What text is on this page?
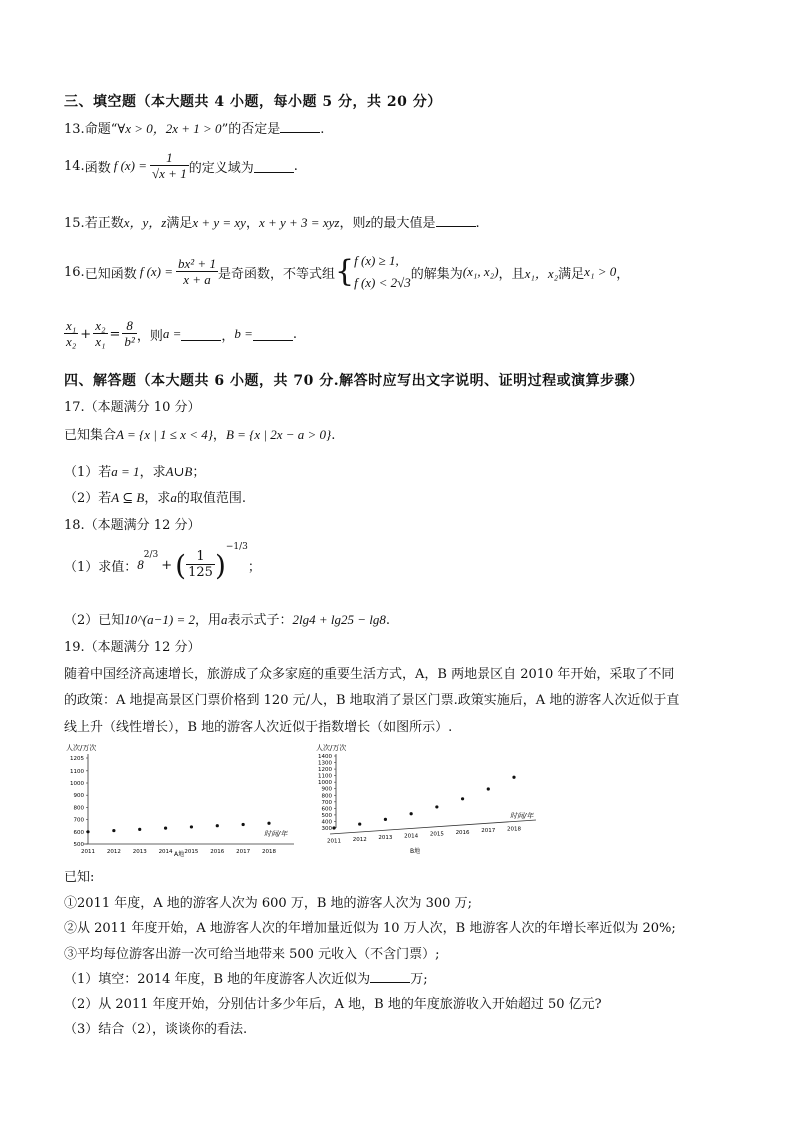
三、填空题（本大题共 4 小题，每小题 5 分，共 20 分）
13.命题“∀x > 0，2x + 1 > 0”的否定是	.
14. 函数 f $(x) = \frac{1}{√x + 1}$ 的定义域为	.
15.若正数x，y，z满足x + y = xy，x + y + 3 = xyz，则z的最大值是	.
16. 已知函数 f $(x) = \frac{\text{bx² + 1}}{x + a}$ 是奇函数，不等式组 { f (x) ≥ 1,
f (x) < 2√3
的解集为 (x₁, x₂) ，且 x₁，x₂ 满足 x₁ > 0 ，
$\frac{\text{x₁}}{\text{x₂}} + \frac{\text{x₂}}{\text{x₁}} = \frac{8}{\text{b²}}$ ，则 a =	， b =	.
四、解答题（本大题共 6 小题，共 70 分.解答时应写出文字说明、证明过程或演算步骤）
17.（本题满分 10 分）
已知集合A = {x | 1 ≤ x < 4}，B = {x | 2x − a > 0}.
（1）若a = 1，求A∪B；
（2）若A ⊆ B，求a的取值范围.
18.（本题满分 12 分）
（1）求值： 8
$^{2/3}$
+ ( $\frac{1}{125}$ )
$^{-1/3}$
；
（2）已知10^(a−1) = 2，用a表示式子：2lg4 + lg25 − lg8.
19.（本题满分 12 分）
随着中国经济高速增长，旅游成了众多家庭的重要生活方式，A，B 两地景区自 2010 年开始，采取了不同
的政策：A 地提高景区门票价格到 120 元/人，B 地取消了景区门票.政策实施后，A 地的游客人次近似于直
线上升（线性增长），B 地的游客人次近似于指数增长（如图所示）.
人次/万次
时间/年
500
600
700
800
900
1000
1100
1205
2011 2012 2013 2014 2015 2016 2017 2018
A地
人次/万次
时间/年
300
400
500
600
700
800
900
1000
1100
1200
1300
1400
2011 2012 2013 2014 2015 2016 2017 2018
B地
已知:
①2011 年度，A 地的游客人次为 600 万，B 地的游客人次为 300 万;
②从 2011 年度开始，A 地游客人次的年增加量近似为 10 万人次，B 地游客人次的年增长率近似为 20%;
③平均每位游客出游一次可给当地带来 500 元收入（不含门票）;
（1）填空：2014 年度，B 地的年度游客人次近似为	万;
（2）从 2011 年度开始，分别估计多少年后，A 地，B 地的年度旅游收入开始超过 50 亿元?
（3）结合（2），谈谈你的看法.
